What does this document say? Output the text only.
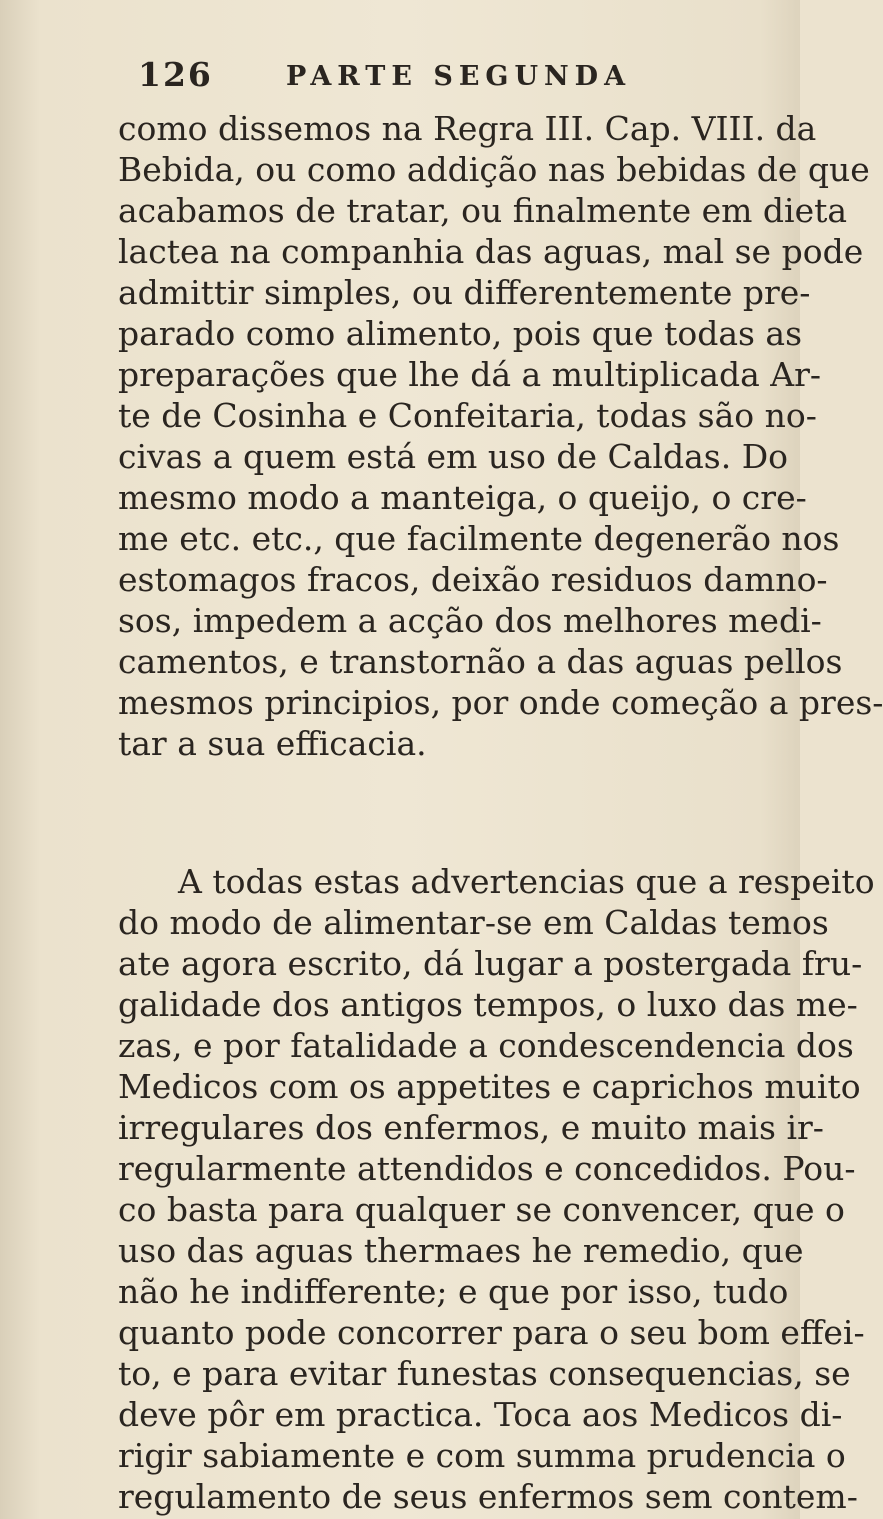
126	PARTE SEGUNDA
como dissemos na Regra III. Cap. VIII. da
Bebida, ou como addição nas bebidas de que
acabamos de tratar, ou finalmente em dieta
lactea na companhia das aguas, mal se pode
admittir simples, ou differentemente pre-
parado como alimento, pois que todas as
preparações que lhe dá a multiplicada Ar-
te de Cosinha e Confeitaria, todas são no-
civas a quem está em uso de Caldas. Do
mesmo modo a manteiga, o queijo, o cre-
me etc. etc., que facilmente degenerão nos
estomagos fracos, deixão residuos damno-
sos, impedem a acção dos melhores medi-
camentos, e transtornão a das aguas pellos
mesmos principios, por onde começão a pres-
tar a sua efficacia.
A todas estas advertencias que a respeito
do modo de alimentar-se em Caldas temos
ate agora escrito, dá lugar a postergada fru-
galidade dos antigos tempos, o luxo das me-
zas, e por fatalidade a condescendencia dos
Medicos com os appetites e caprichos muito
irregulares dos enfermos, e muito mais ir-
regularmente attendidos e concedidos. Pou-
co basta para qualquer se convencer, que o
uso das aguas thermaes he remedio, que
não he indifferente; e que por isso, tudo
quanto pode concorrer para o seu bom effei-
to, e para evitar funestas consequencias, se
deve pôr em practica. Toca aos Medicos di-
rigir sabiamente e com summa prudencia o
regulamento de seus enfermos sem contem-
